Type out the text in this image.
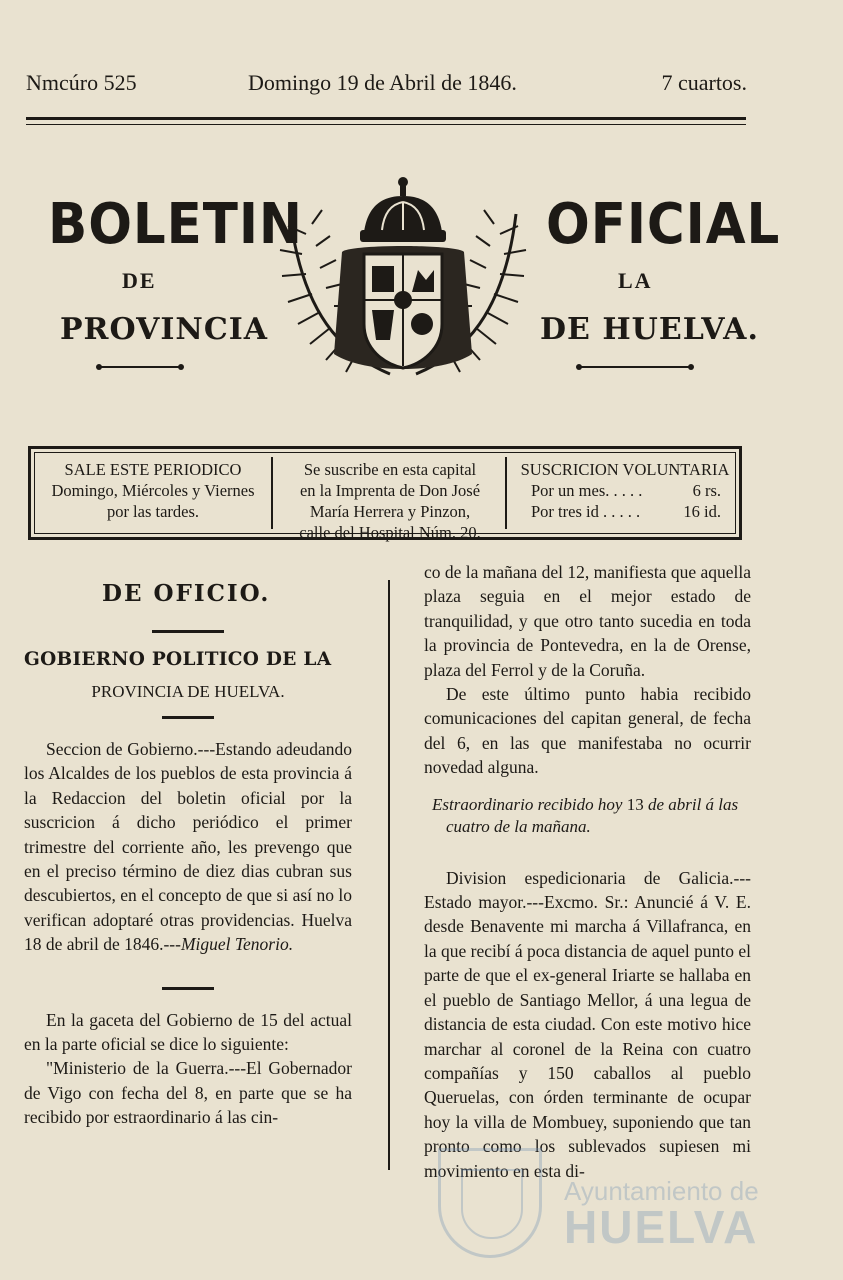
Nmcúro 525	Domingo 19 de Abril de 1846.	7 cuartos.
BOLETIN	OFICIAL
DE	LA
PROVINCIA	DE HUELVA.
SALE ESTE PERIODICO
Domingo, Miércoles y Viernes
por las tardes.
Se suscribe en esta capital
en la Imprenta de Don José
María Herrera y Pinzon,
calle del Hospital Núm. 20.
SUSCRICION VOLUNTARIA
Por un mes. . . . .	6 rs.
Por tres id . . . . .	16 id.
DE OFICIO.
GOBIERNO POLITICO DE LA
PROVINCIA DE HUELVA.

Seccion de Gobierno.---Estando adeudando los Alcaldes de los pueblos de esta provincia á la Redaccion del boletin oficial por la suscricion á dicho periódico el primer trimestre del corriente año, les prevengo que en el preciso término de diez dias cubran sus descubiertos, en el concepto de que si así no lo verifican adoptaré otras providencias. Huelva 18 de abril de 1846.---Miguel Tenorio.

En la gaceta del Gobierno de 15 del actual en la parte oficial se dice lo siguiente:

"Ministerio de la Guerra.---El Gobernador de Vigo con fecha del 8, en parte que se ha recibido por estraordinario á las cin-

co de la mañana del 12, manifiesta que aquella plaza seguia en el mejor estado de tranquilidad, y que otro tanto sucedia en toda la provincia de Pontevedra, en la de Orense, plaza del Ferrol y de la Coruña.

De este último punto habia recibido comunicaciones del capitan general, de fecha del 6, en las que manifestaba no ocurrir novedad alguna.

Estraordinario recibido hoy 13 de abril á las cuatro de la mañana.

Division espedicionaria de Galicia.---Estado mayor.---Excmo. Sr.: Anuncié á V. E. desde Benavente mi marcha á Villafranca, en la que recibí á poca distancia de aquel punto el parte de que el ex-general Iriarte se hallaba en el pueblo de Santiago Mellor, á una legua de distancia de esta ciudad. Con este motivo hice marchar al coronel de la Reina con cuatro compañías y 150 caballos al pueblo Queruelas, con órden terminante de ocupar hoy la villa de Mombuey, suponiendo que tan pronto como los sublevados supiesen mi movimiento en esta di-

Ayuntamiento de
HUELVA
